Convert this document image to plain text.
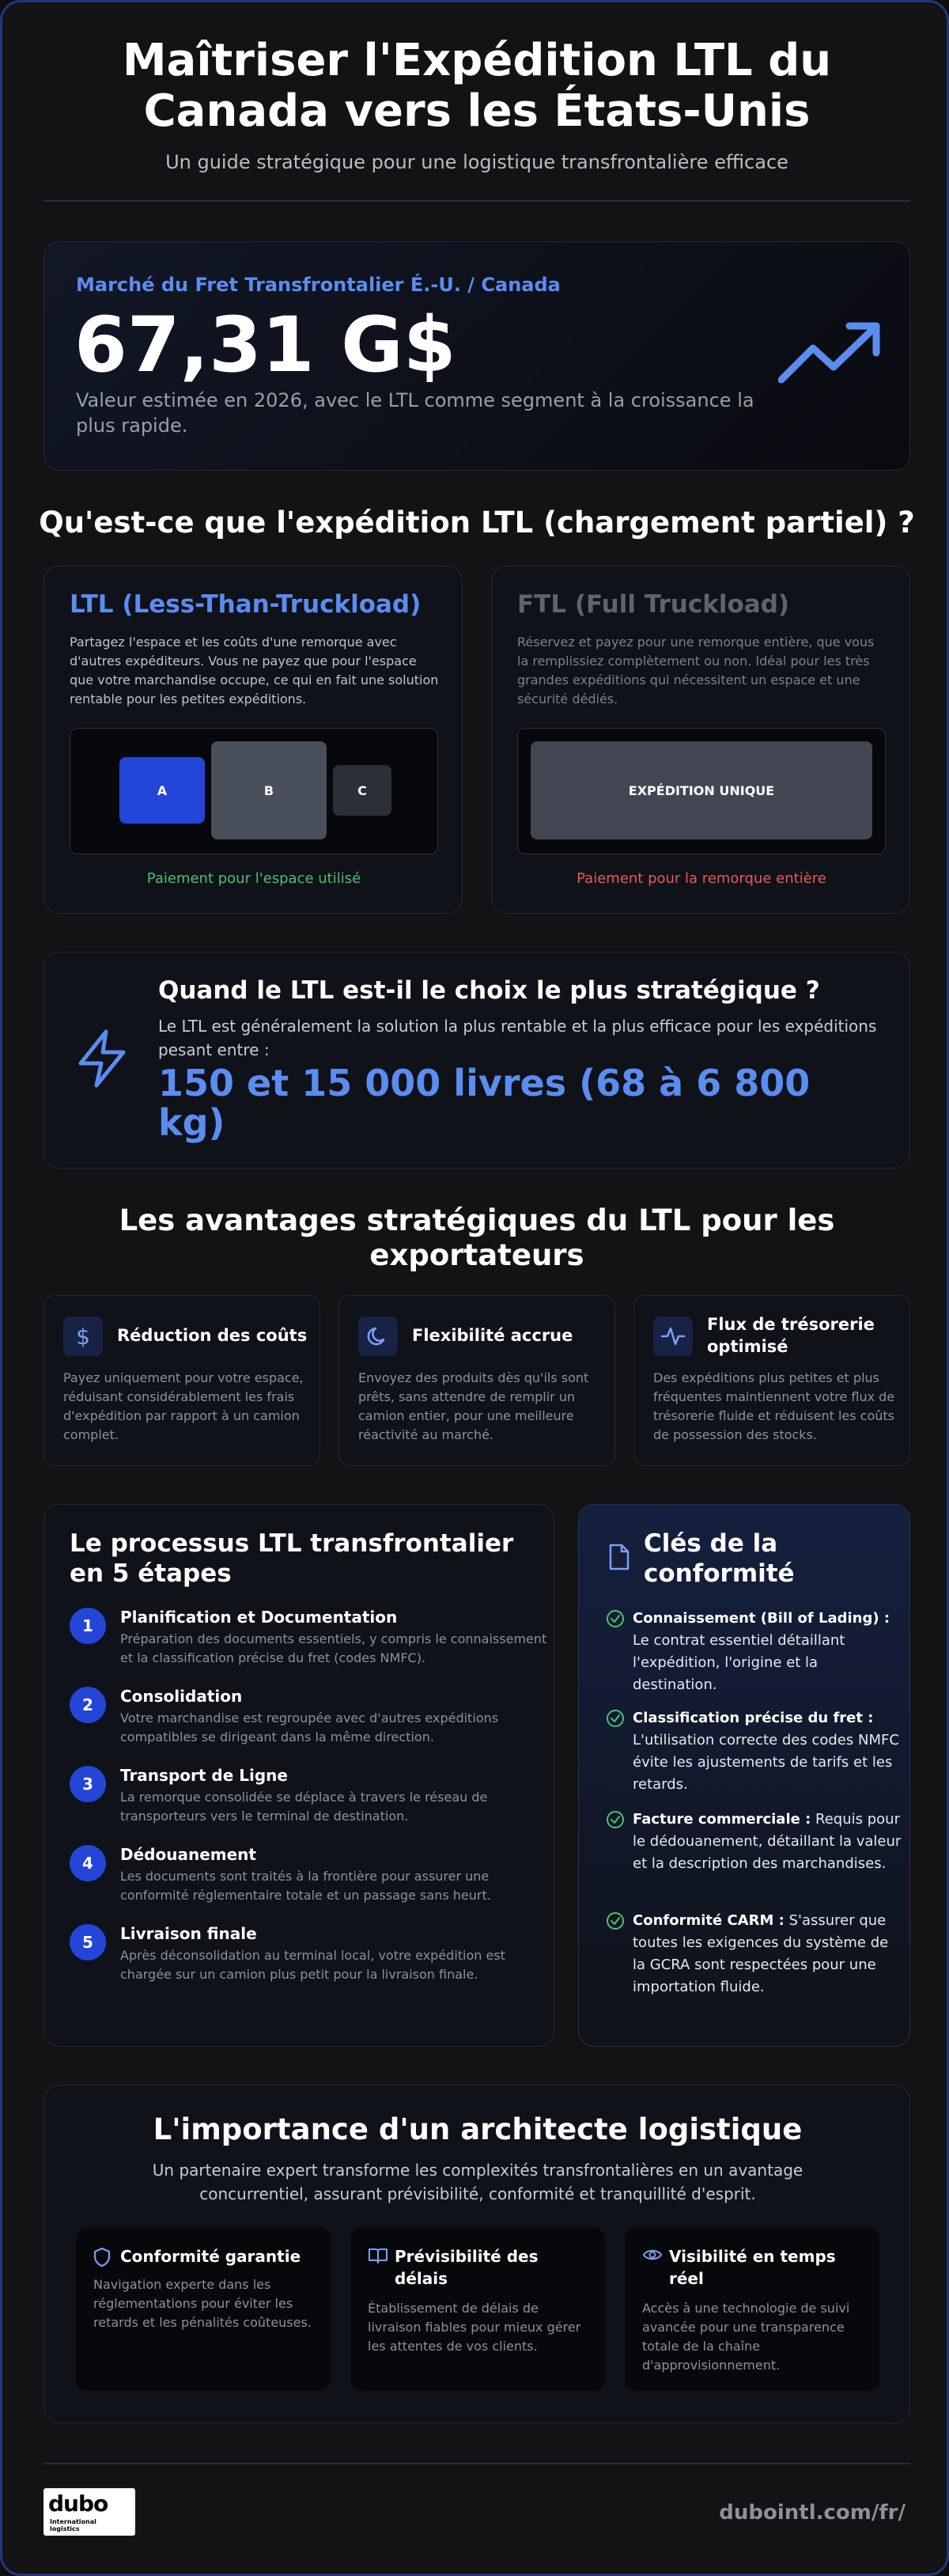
Maîtriser l'Expédition LTL du
Canada vers les États-Unis
Un guide stratégique pour une logistique transfrontalière efficace
Marché du Fret Transfrontalier É.-U. / Canada
67,31 G$
Valeur estimée en 2026, avec le LTL comme segment à la croissance la plus rapide.
Qu'est-ce que l'expédition LTL (chargement partiel) ?
LTL (Less-Than-Truckload)
Partagez l'espace et les coûts d'une remorque avec d'autres expéditeurs. Vous ne payez que pour l'espace que votre marchandise occupe, ce qui en fait une solution rentable pour les petites expéditions.
A	B	C
Paiement pour l'espace utilisé
FTL (Full Truckload)
Réservez et payez pour une remorque entière, que vous la remplissiez complètement ou non. Idéal pour les très grandes expéditions qui nécessitent un espace et une sécurité dédiés.
EXPÉDITION UNIQUE
Paiement pour la remorque entière
Quand le LTL est-il le choix le plus stratégique ?
Le LTL est généralement la solution la plus rentable et la plus efficace pour les expéditions pesant entre :
150 et 15 000 livres (68 à 6 800
kg)
Les avantages stratégiques du LTL pour les
exportateurs
$ Réduction des coûts
Payez uniquement pour votre espace, réduisant considérablement les frais d'expédition par rapport à un camion complet.
Flexibilité accrue
Envoyez des produits dès qu'ils sont prêts, sans attendre de remplir un camion entier, pour une meilleure réactivité au marché.
Flux de trésorerie
optimisé
Des expéditions plus petites et plus fréquentes maintiennent votre flux de trésorerie fluide et réduisent les coûts de possession des stocks.
Le processus LTL transfrontalier
en 5 étapes
1	Planification et Documentation
Préparation des documents essentiels, y compris le connaissement et la classification précise du fret (codes NMFC).
2	Consolidation
Votre marchandise est regroupée avec d'autres expéditions compatibles se dirigeant dans la même direction.
3	Transport de Ligne
La remorque consolidée se déplace à travers le réseau de transporteurs vers le terminal de destination.
4	Dédouanement
Les documents sont traités à la frontière pour assurer une conformité réglementaire totale et un passage sans heurt.
5	Livraison finale
Après déconsolidation au terminal local, votre expédition est chargée sur un camion plus petit pour la livraison finale.
Clés de la
conformité
Connaissement (Bill of Lading) : Le contrat essentiel détaillant l'expédition, l'origine et la destination.
Classification précise du fret : L'utilisation correcte des codes NMFC évite les ajustements de tarifs et les retards.
Facture commerciale : Requis pour le dédouanement, détaillant la valeur et la description des marchandises.
Conformité CARM : S'assurer que toutes les exigences du système de la GCRA sont respectées pour une importation fluide.
L'importance d'un architecte logistique
Un partenaire expert transforme les complexités transfrontalières en un avantage concurrentiel, assurant prévisibilité, conformité et tranquillité d'esprit.
Conformité garantie
Navigation experte dans les réglementations pour éviter les retards et les pénalités coûteuses.
Prévisibilité des
délais
Établissement de délais de livraison fiables pour mieux gérer les attentes de vos clients.
Visibilité en temps
réel
Accès à une technologie de suivi avancée pour une transparence totale de la chaîne d'approvisionnement.
dubo
International
logistics
dubointl.com/fr/
